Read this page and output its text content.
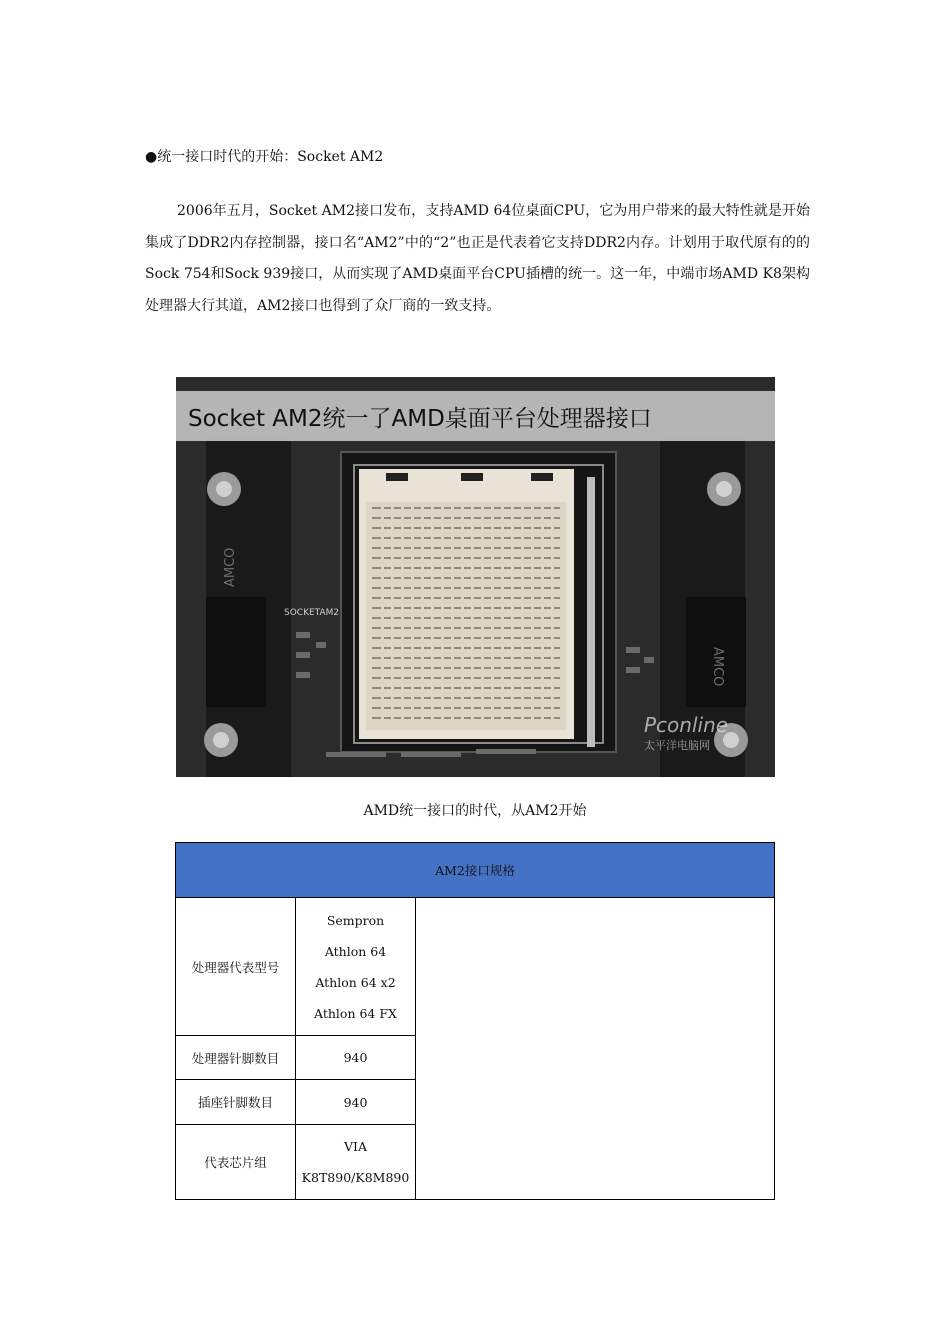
●统一接口时代的开始：Socket AM2

2006年五月，Socket AM2接口发布，支持AMD 64位桌面CPU，它为用户带来的最大特性就是开始集成了DDR2内存控制器，接口名“AM2”中的“2”也正是代表着它支持DDR2内存。计划用于取代原有的的Sock 754和Sock 939接口，从而实现了AMD桌面平台CPU插槽的统一。这一年，中端市场AMD K8架构处理器大行其道，AM2接口也得到了众厂商的一致支持。

SOCKETAM2
AMCO
AMCO
Pconline
太平洋电脑网
Socket AM2统一了AMD桌面平台处理器接口
AMD统一接口的时代，从AM2开始
AM2接口规格		
处理器代表型号	Sempron
Athlon 64
Athlon 64 x2
Athlon 64 FX	

处理器针脚数目	940	
插座针脚数目	940	
代表芯片组	VIA
K8T890/K8M890	
